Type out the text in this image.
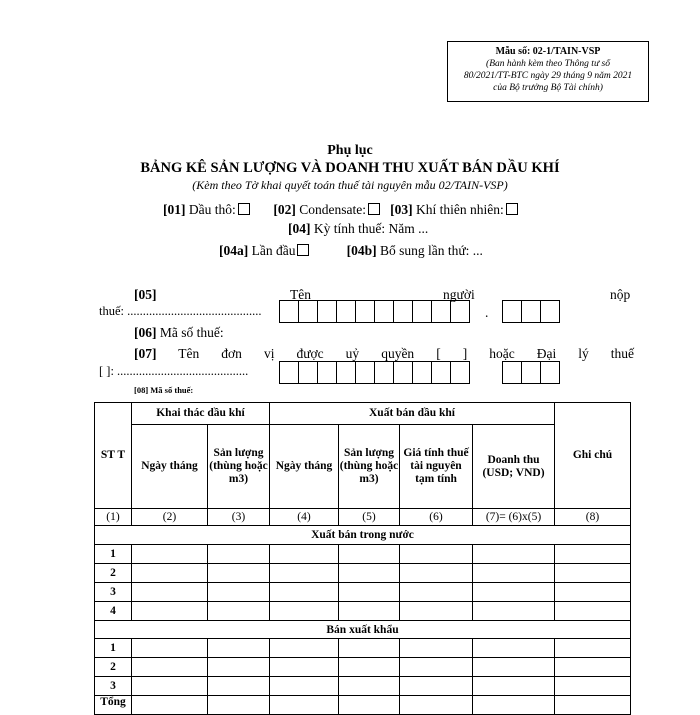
Mẫu số: 02-1/TAIN-VSP
(Ban hành kèm theo Thông tư số
80/2021/TT-BTC ngày 29 tháng 9 năm 2021
của Bộ trưởng Bộ Tài chính)
Phụ lục
BẢNG KÊ SẢN LƯỢNG VÀ DOANH THU XUẤT BÁN DẦU KHÍ
(Kèm theo Tờ khai quyết toán thuế tài nguyên mẫu 02/TAIN-VSP)
[01] Dầu thô:	[02] Condensate: [03] Khí thiên nhiên:
[04] Kỳ tính thuế: Năm ...
[04a] Lần đầu	[04b] Bổ sung lần thứ: ...
[05]	Tên	người	nộp
thuế: ...........................................	.
[06] Mã số thuế:
[07] Tên đơn vị được uỷ quyền [ ] hoặc Đại lý thuế
[ ]: ..........................................
[08] Mã số thuế:
ST T	Khai thác dầu khí		Xuất bán dầu khí				Ghi chú
	Ngày tháng	Sản lượng (thùng hoặc m3)	Ngày tháng	Sản lượng (thùng hoặc m3)	Giá tính thuế tài nguyên tạm tính	Doanh thu (USD; VND)	
(1)	(2)	(3)	(4)	(5)	(6)	(7)= (6)x(5)	(8)
Xuất bán trong nước							
1							
2							
3							
4							
Bán xuất khẩu							
1							
2							
3							
Tổng							
